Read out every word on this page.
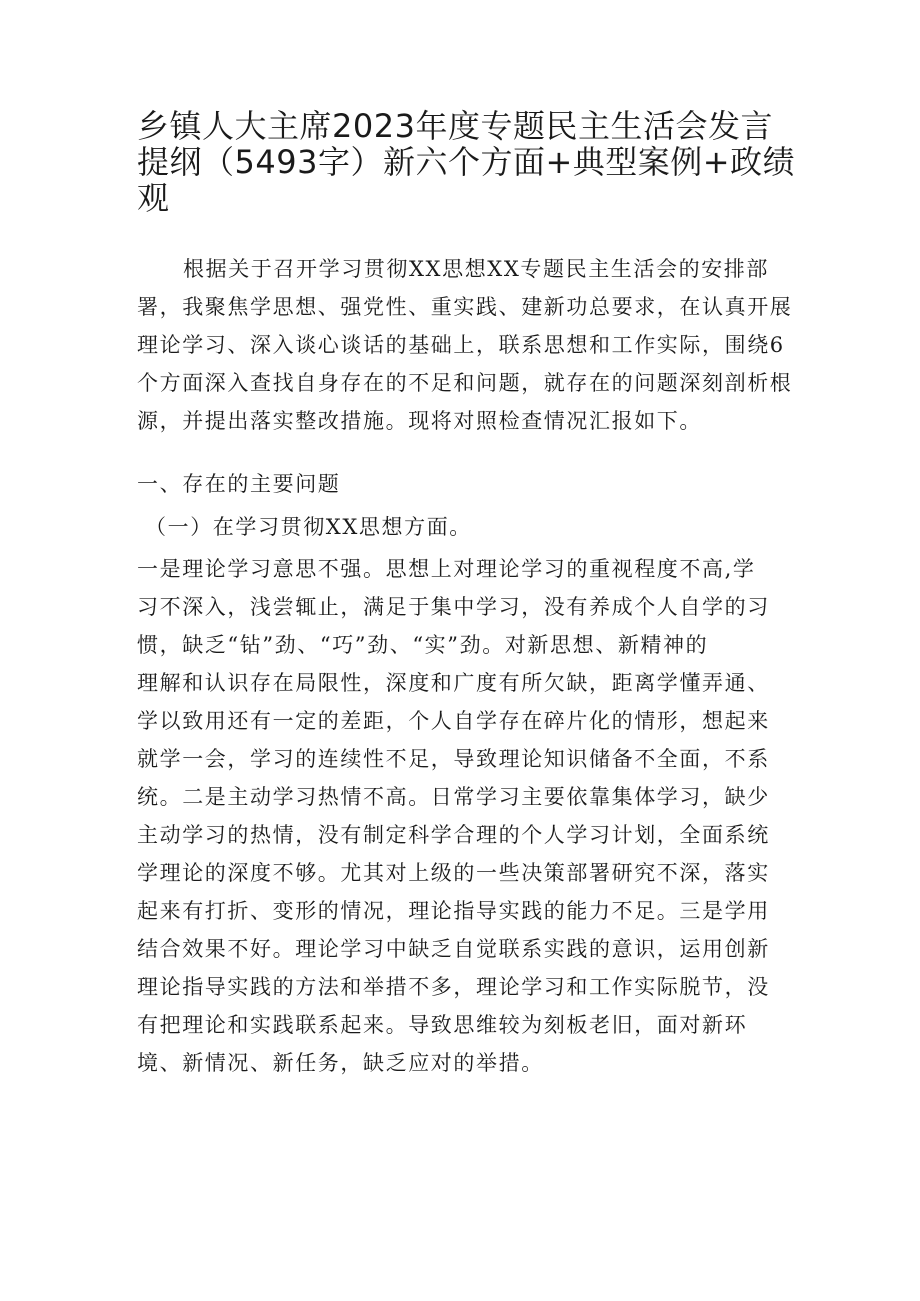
乡镇人大主席2023年度专题民主生活会发言
提纲（5493字）新六个方面+典型案例+政绩
观

根据关于召开学习贯彻XX思想XX专题民主生活会的安排部署，我聚焦学思想、强党性、重实践、建新功总要求，在认真开展理论学习、深入谈心谈话的基础上，联系思想和工作实际，围绕6个方面深入查找自身存在的不足和问题，就存在的问题深刻剖析根源，并提出落实整改措施。现将对照检查情况汇报如下。

一、存在的主要问题
（一）在学习贯彻XX思想方面。
一是理论学习意思不强。思想上对理论学习的重视程度不高,学
习不深入，浅尝辄止，满足于集中学习，没有养成个人自学的习
惯，缺乏“钻”劲、“巧”劲、“实”劲。对新思想、新精神的
理解和认识存在局限性，深度和广度有所欠缺，距离学懂弄通、
学以致用还有一定的差距，个人自学存在碎片化的情形，想起来
就学一会，学习的连续性不足，导致理论知识储备不全面，不系
统。二是主动学习热情不高。日常学习主要依靠集体学习，缺少
主动学习的热情，没有制定科学合理的个人学习计划，全面系统
学理论的深度不够。尤其对上级的一些决策部署研究不深，落实
起来有打折、变形的情况，理论指导实践的能力不足。三是学用
结合效果不好。理论学习中缺乏自觉联系实践的意识，运用创新
理论指导实践的方法和举措不多，理论学习和工作实际脱节，没
有把理论和实践联系起来。导致思维较为刻板老旧，面对新环
境、新情况、新任务，缺乏应对的举措。
